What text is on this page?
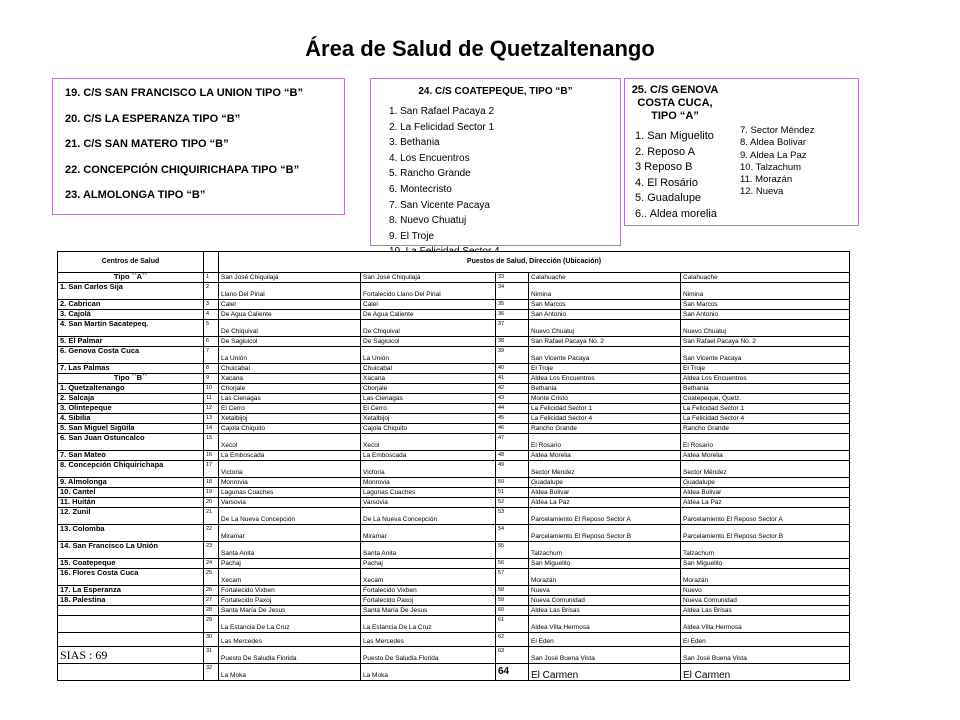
Área de Salud de Quetzaltenango
19. C/S SAN FRANCISCO LA UNION TIPO “B”
20. C/S LA ESPERANZA TIPO “B”
21. C/S SAN MATERO TIPO “B”
22. CONCEPCIÓN CHIQUIRICHAPA TIPO “B”
23. ALMOLONGA TIPO “B”
24. C/S COATEPEQUE, TIPO “B”
1. San Rafael Pacaya 2
2. La Felicidad Sector 1
3. Bethania
4. Los Encuentros
5. Rancho Grande
6. Montecristo
7. San Vicente Pacaya
8. Nuevo Chuatuj
9. El Troje
25. C/S GENOVA COSTA CUCA, TIPO “A”
1. San Miguelito
2. Reposo A
3 Reposo B
4. El Rosário
5. Guadalupe
6.. Aldea morelia
7. Sector Méndez
8. Aldea Bolivar
9. Aldea La Paz
10. Talzachum
11. Morazán
12. Nueva
Centros de Salud		Puestos de Salud, Dirección (Ubicación)				
Tipo ``A``	1	San José Chiquilajá	San José Chiquilajá	33	Calahuache	Calahuache
1. San Carlos Sija	2	Llano Del Pinal	Fortalecido Llano Del Pinal	34	Nimina	Nimina
2. Cabrican	3	Calel	Calel	35	San Marcos	San Marcos
3. Cajolá	4	De Agua Caliente	De Agua Caliente	36	San Antonio	San Antonio
4. San Martín Sacatepeq.	5	De Chiquival	De Chiquival	37	Nuevo Chuatuj	Nuevo Chuatuj
5. El Palmar	6	De Sagiuicol	De Sagiuicol	38	San Rafael Pacaya No. 2	San Rafael Pacaya No. 2
6. Genova Costa Cuca	7	La Unión	La Unión	39	San Vicente Pacaya	San Vicente Pacaya
7. Las Palmas	8	Chuicabal	Chuicabal	40	El Troje	El Troje
Tipo ``B``	9	Xacana	Xacana	41	Aldea Los Encuentros	Aldea Los Encuentros
1. Quetzaltenango	10	Chorjale	Chorjale	42	Bethania	Bethania
2. Salcaja	11	Las Cienagas	Las Cienagas	43	Monte Cristo	Coatepeque, Quetz.
3. Olintepeque	12	El Cerro	El Cerro	44	La Felicidad Sector 1	La Felicidad Sector 1
4. Sibilia	13	Xetalbijoj	Xetalbijoj	45	La Felicidad Sector 4	La Felicidad Sector 4
5. San Miguel Sigüila	14	Cajola Chiquito	Cajola Chiquito	46	Rancho Grande	Rancho Grande
6. San Juan Ostuncalco	15	Xecol	Xecol	47	El Rosario	El Rosario
7. San Mateo	16	La Emboscada	La Emboscada	48	Aldea Morelia	Aldea Morelia
8. Concepción Chiquirichapa	17	Victoria	Victoria	49	Sector Mendez	Sector Méndez
9. Almolonga	18	Monrovia	Monrovia	50	Guadalupe	Guadalupe
10. Cantel	19	Lagunas Cuaches	Lagunas Cuaches	51	Aldea Bolivar	Aldea Bolivar
11. Huitán	20	Varsovia	Varsovia	52	Aldea La Paz	Aldea La Paz
12. Zunil	21	De La Nueva Concepción	De La Nueva Concepción	53	Parcelamiento El Reposo Sector A	Parcelamiento El Reposo Sector A
13. Colomba	22	Miramar	Miramar	54	Parcelamiento El Reposo Sector B	Parcelamiento El Reposo Sector B
14. San Francisco La Unión	23	Santa Anita	Santa Anita	55	Talzachum	Talzachum
15. Coatepeque	24	Pachaj	Pachaj	56	San Miguelito	San Miguelito
16. Flores Costa Cuca	25	Xecam	Xecam	57	Morazán	Morazán
17. La Esperanza	26	Fortalecido Vixben	Fortalecido Vixben	58	Nueva	Nuevo
18. Palestina	27	Fortalecido Paxoj	Fortalecido Paxoj	59	Nueva Comunidad	Nueva Comunidad
	28	Santa María De Jesus	Santa María De Jesus	60	Aldea Las Brisas	Aldea Las Brisas
	29	La Estancia De La Cruz	La Estancia De La Cruz	61	Aldea Villa Hermosa	Aldea Villa Hermosa
	30	Las Mercedes	Las Mercedes	62	El Eden	El Eden
SIAS : 69	31	Puesto De Saludla Florida	Puesto De Saludla Florida	63	San José Buena Vista	San José Buena Vista
	32	La Moka	La Moka	64	El Carmen	El Carmen
